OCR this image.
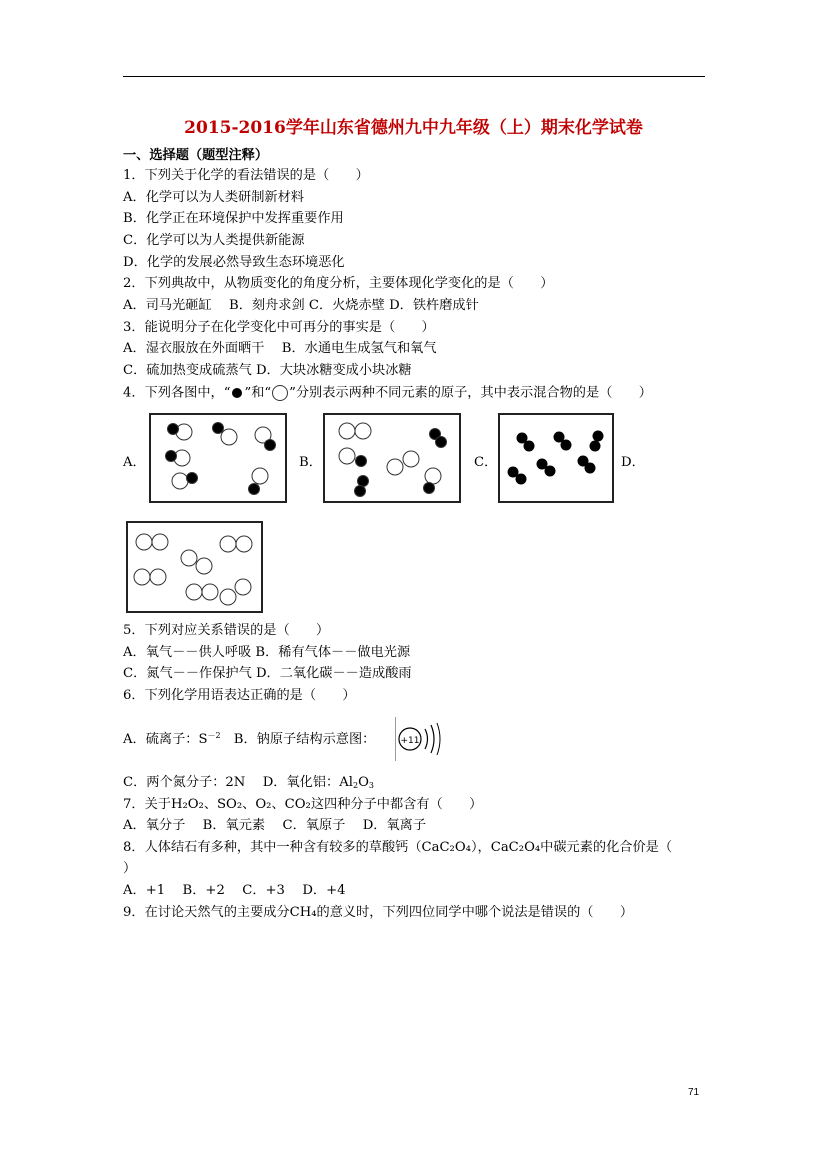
2015-2016学年山东省德州九中九年级（上）期末化学试卷
一、选择题（题型注释）
1．下列关于化学的看法错误的是（　　）
A．化学可以为人类研制新材料
B．化学正在环境保护中发挥重要作用
C．化学可以为人类提供新能源
D．化学的发展必然导致生态环境恶化
2．下列典故中，从物质变化的角度分析，主要体现化学变化的是（　　）
A．司马光砸缸　 B．刻舟求剑 C．火烧赤壁 D．铁杵磨成针
3．能说明分子在化学变化中可再分的事实是（　　）
A．湿衣服放在外面晒干　 B．水通电生成氢气和氧气
C．硫加热变成硫蒸气 D．大块冰糖变成小块冰糖
4．下列各图中，“ ”和“ ”分别表示两种不同元素的原子，其中表示混合物的是（　　）
A．	B．	C．	D．
5．下列对应关系错误的是（　　）
A．氧气－－供人呼吸 B．稀有气体－－做电光源
C．氮气－－作保护气 D．二氧化碳－－造成酸雨
6．下列化学用语表达正确的是（　　）
A．硫离子：$S^{-2}$　B．钠原子结构示意图：	+11
C．两个氮分子：2N　 D．氧化铝：$Al_2O_3$
7．关于H₂O₂、SO₂、O₂、CO₂这四种分子中都含有（　　）
A．氧分子　 B．氧元素　 C．氧原子　 D．氧离子
8．人体结石有多种，其中一种含有较多的草酸钙（CaC₂O₄），CaC₂O₄中碳元素的化合价是（
）
A．+1　 B．+2　 C．+3　 D．+4
9．在讨论天然气的主要成分CH₄的意义时，下列四位同学中哪个说法是错误的（　　）
71
